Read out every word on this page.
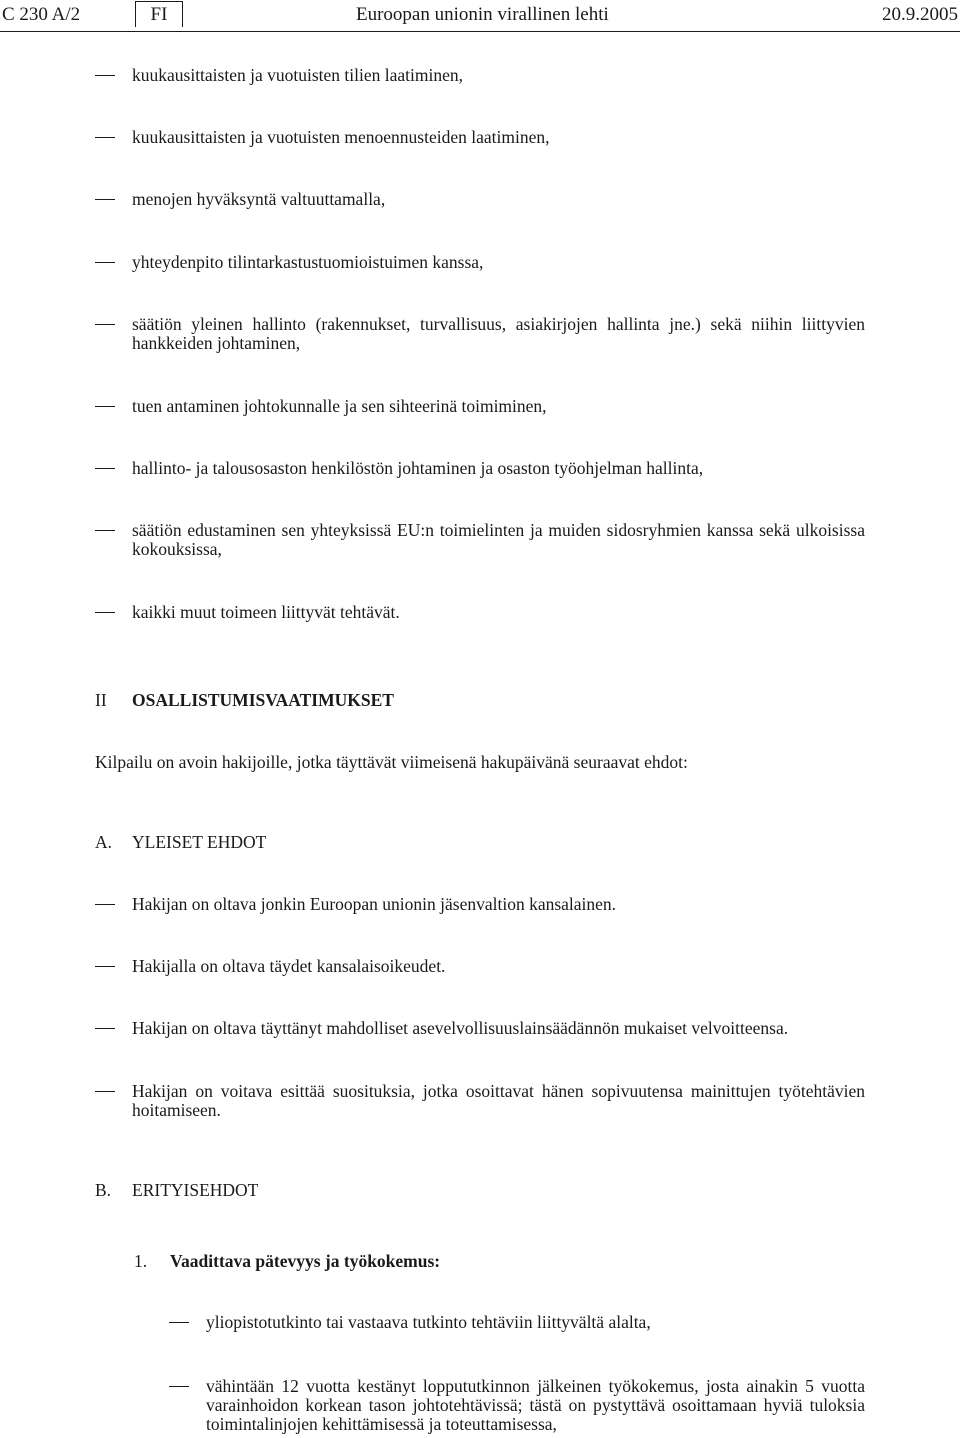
C 230 A/2	FI	Euroopan unionin virallinen lehti	20.9.2005
kuukausittaisten ja vuotuisten tilien laatiminen,
kuukausittaisten ja vuotuisten menoennusteiden laatiminen,
menojen hyväksyntä valtuuttamalla,
yhteydenpito tilintarkastustuomioistuimen kanssa,
säätiön yleinen hallinto (rakennukset, turvallisuus, asiakirjojen hallinta jne.) sekä niihin liittyvien hankkeiden johtaminen,
tuen antaminen johtokunnalle ja sen sihteerinä toimiminen,
hallinto- ja talousosaston henkilöstön johtaminen ja osaston työohjelman hallinta,
säätiön edustaminen sen yhteyksissä EU:n toimielinten ja muiden sidosryhmien kanssa sekä ulkoisissa kokouksissa,
kaikki muut toimeen liittyvät tehtävät.
II OSALLISTUMISVAATIMUKSET
Kilpailu on avoin hakijoille, jotka täyttävät viimeisenä hakupäivänä seuraavat ehdot:
A. YLEISET EHDOT
Hakijan on oltava jonkin Euroopan unionin jäsenvaltion kansalainen.
Hakijalla on oltava täydet kansalaisoikeudet.
Hakijan on oltava täyttänyt mahdolliset asevelvollisuuslainsäädännön mukaiset velvoitteensa.
Hakijan on voitava esittää suosituksia, jotka osoittavat hänen sopivuutensa mainittujen työtehtävien hoitamiseen.
B. ERITYISEHDOT
1. Vaadittava pätevyys ja työkokemus:
yliopistotutkinto tai vastaava tutkinto tehtäviin liittyvältä alalta,
vähintään 12 vuotta kestänyt loppututkinnon jälkeinen työkokemus, josta ainakin 5 vuotta varainhoidon korkean tason johtotehtävissä; tästä on pystyttävä osoittamaan hyviä tuloksia toimintalinjojen kehittämisessä ja toteuttamisessa,
